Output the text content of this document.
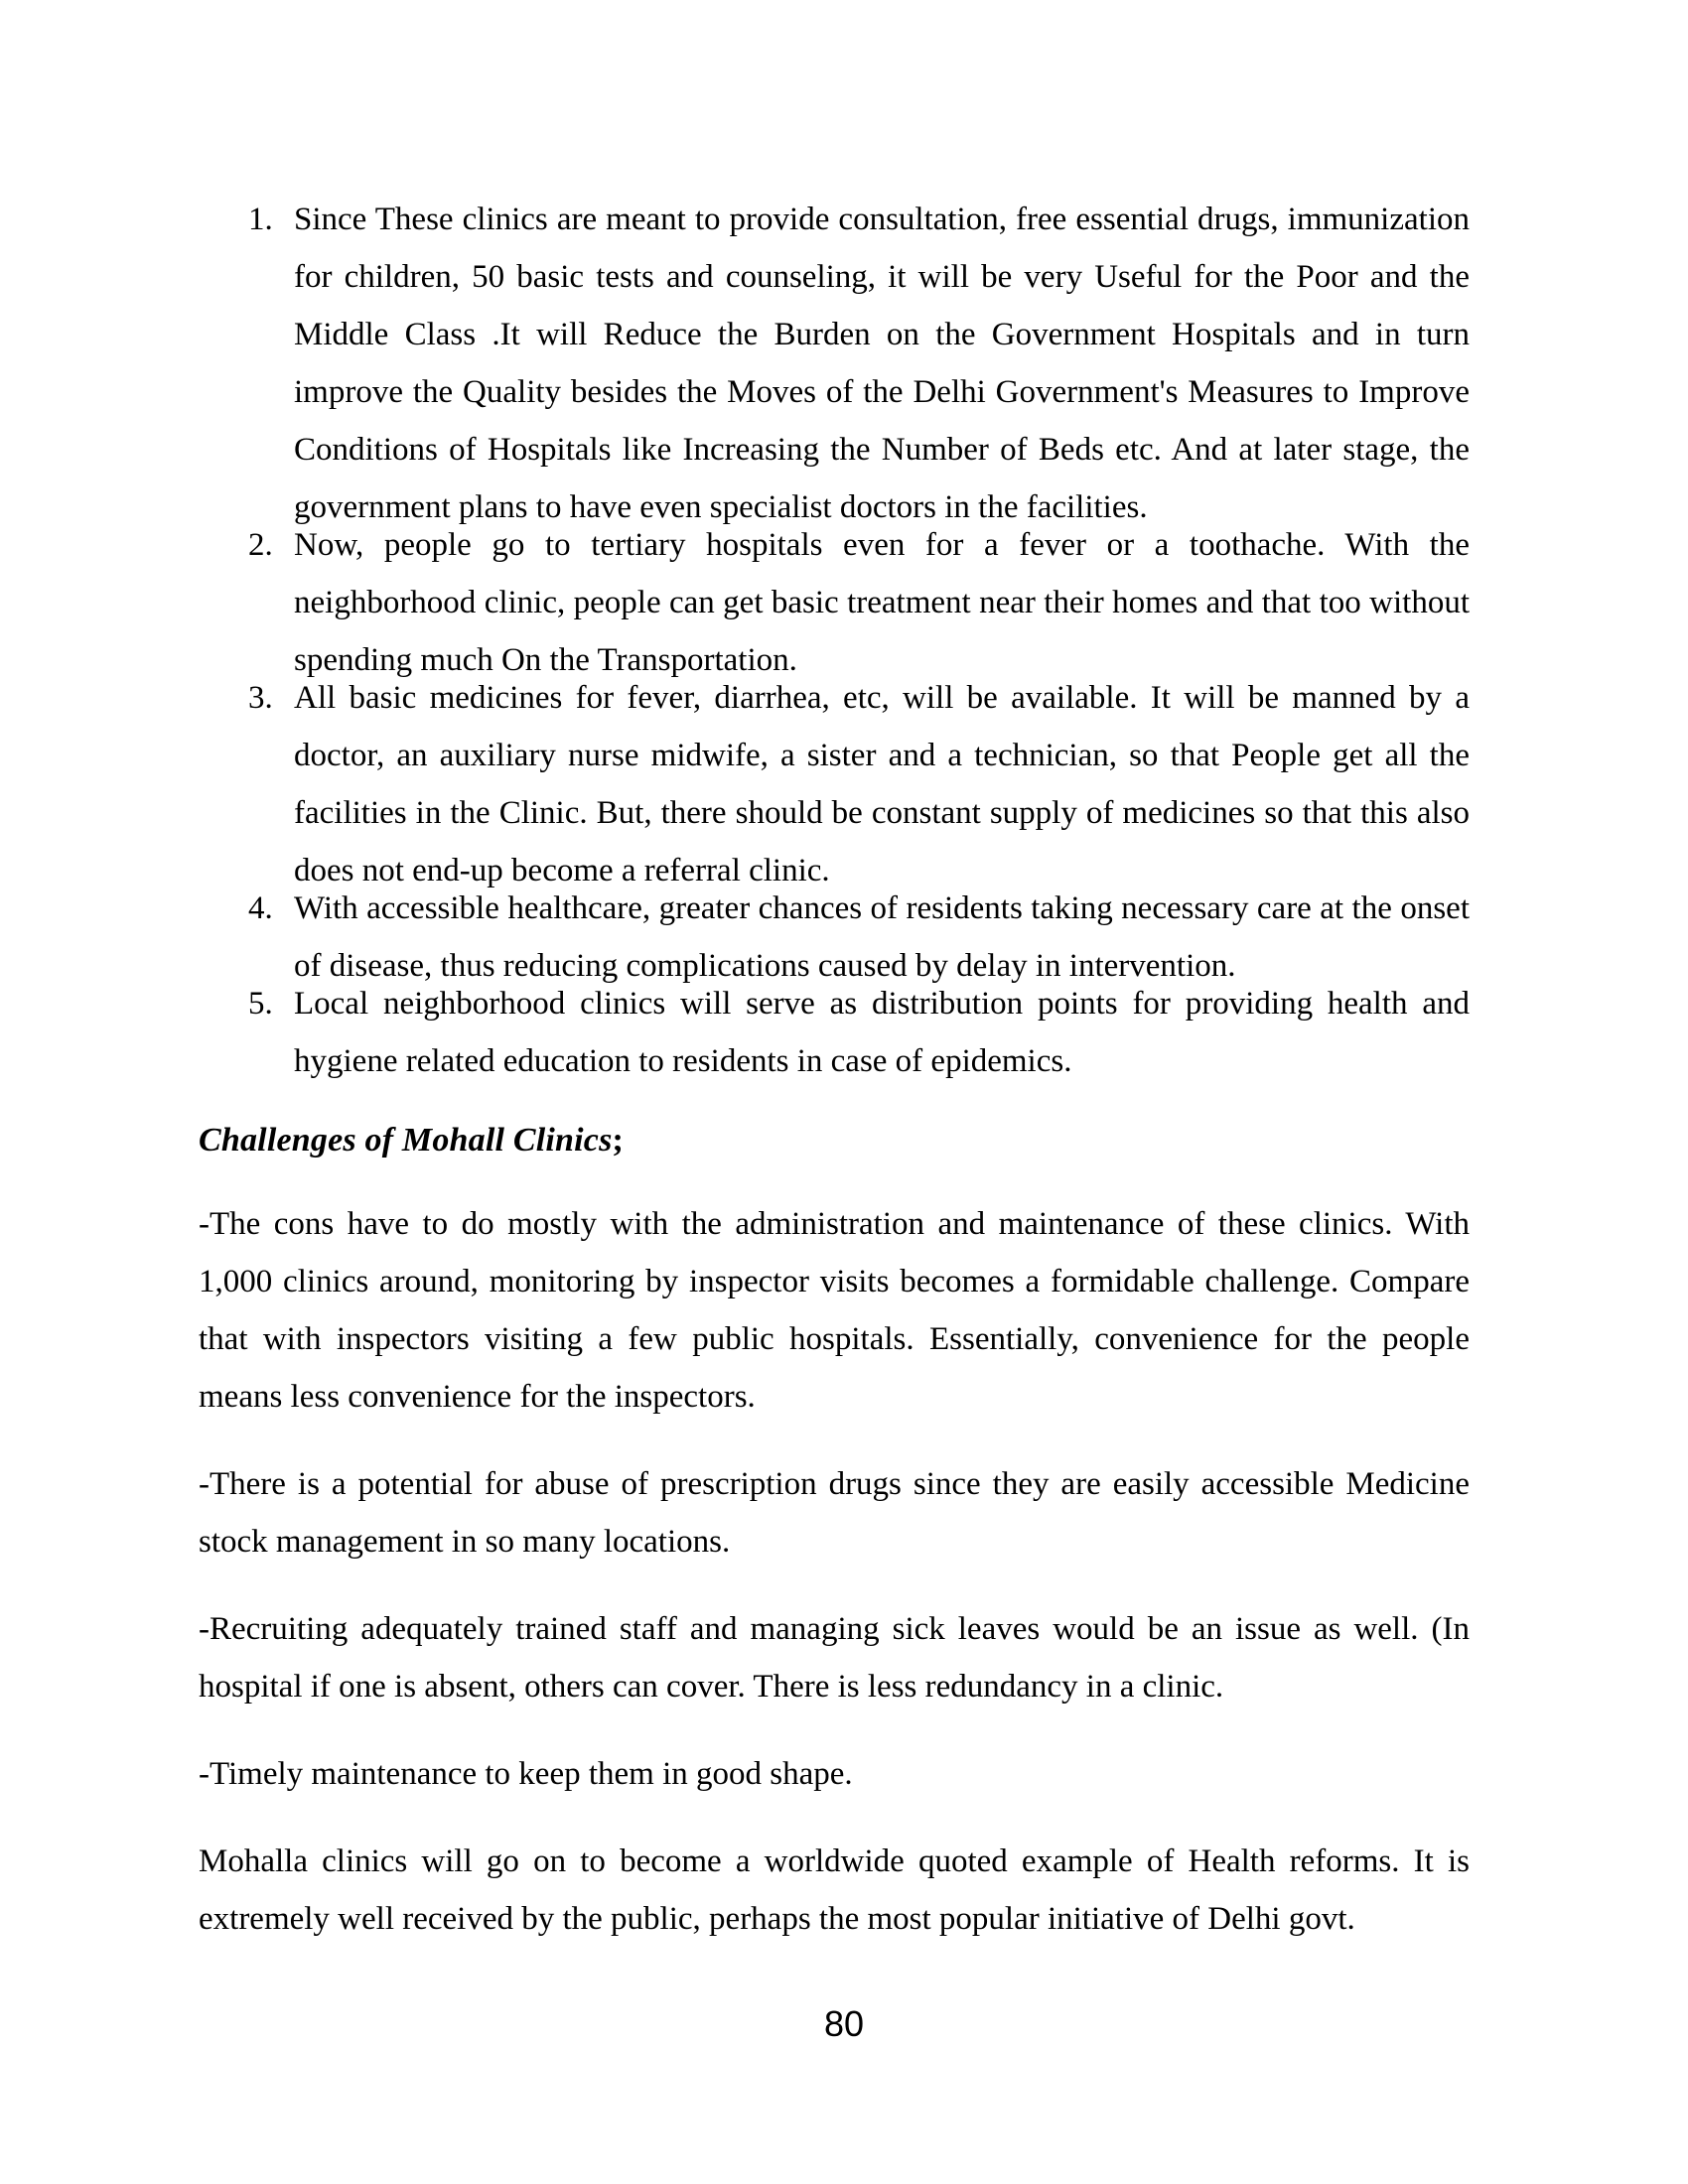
1. Since These clinics are meant to provide consultation, free essential drugs, immunization for children, 50 basic tests and counseling, it will be very Useful for the Poor and the Middle Class .It will Reduce the Burden on the Government Hospitals and in turn improve the Quality besides the Moves of the Delhi Government's Measures to Improve Conditions of Hospitals like Increasing the Number of Beds etc. And at later stage, the government plans to have even specialist doctors in the facilities.
2. Now, people go to tertiary hospitals even for a fever or a toothache. With the neighborhood clinic, people can get basic treatment near their homes and that too without spending much On the Transportation.
3. All basic medicines for fever, diarrhea, etc, will be available. It will be manned by a doctor, an auxiliary nurse midwife, a sister and a technician, so that People get all the facilities in the Clinic. But, there should be constant supply of medicines so that this also does not end-up become a referral clinic.
4. With accessible healthcare, greater chances of residents taking necessary care at the onset of disease, thus reducing complications caused by delay in intervention.
5. Local neighborhood clinics will serve as distribution points for providing health and hygiene related education to residents in case of epidemics.
Challenges of Mohall Clinics;

-The cons have to do mostly with the administration and maintenance of these clinics. With 1,000 clinics around, monitoring by inspector visits becomes a formidable challenge. Compare that with inspectors visiting a few public hospitals. Essentially, convenience for the people means less convenience for the inspectors.

-There is a potential for abuse of prescription drugs since they are easily accessible Medicine stock management in so many locations.

-Recruiting adequately trained staff and managing sick leaves would be an issue as well. (In hospital if one is absent, others can cover. There is less redundancy in a clinic.

-Timely maintenance to keep them in good shape.

Mohalla clinics will go on to become a worldwide quoted example of Health reforms. It is extremely well received by the public, perhaps the most popular initiative of Delhi govt.

80
